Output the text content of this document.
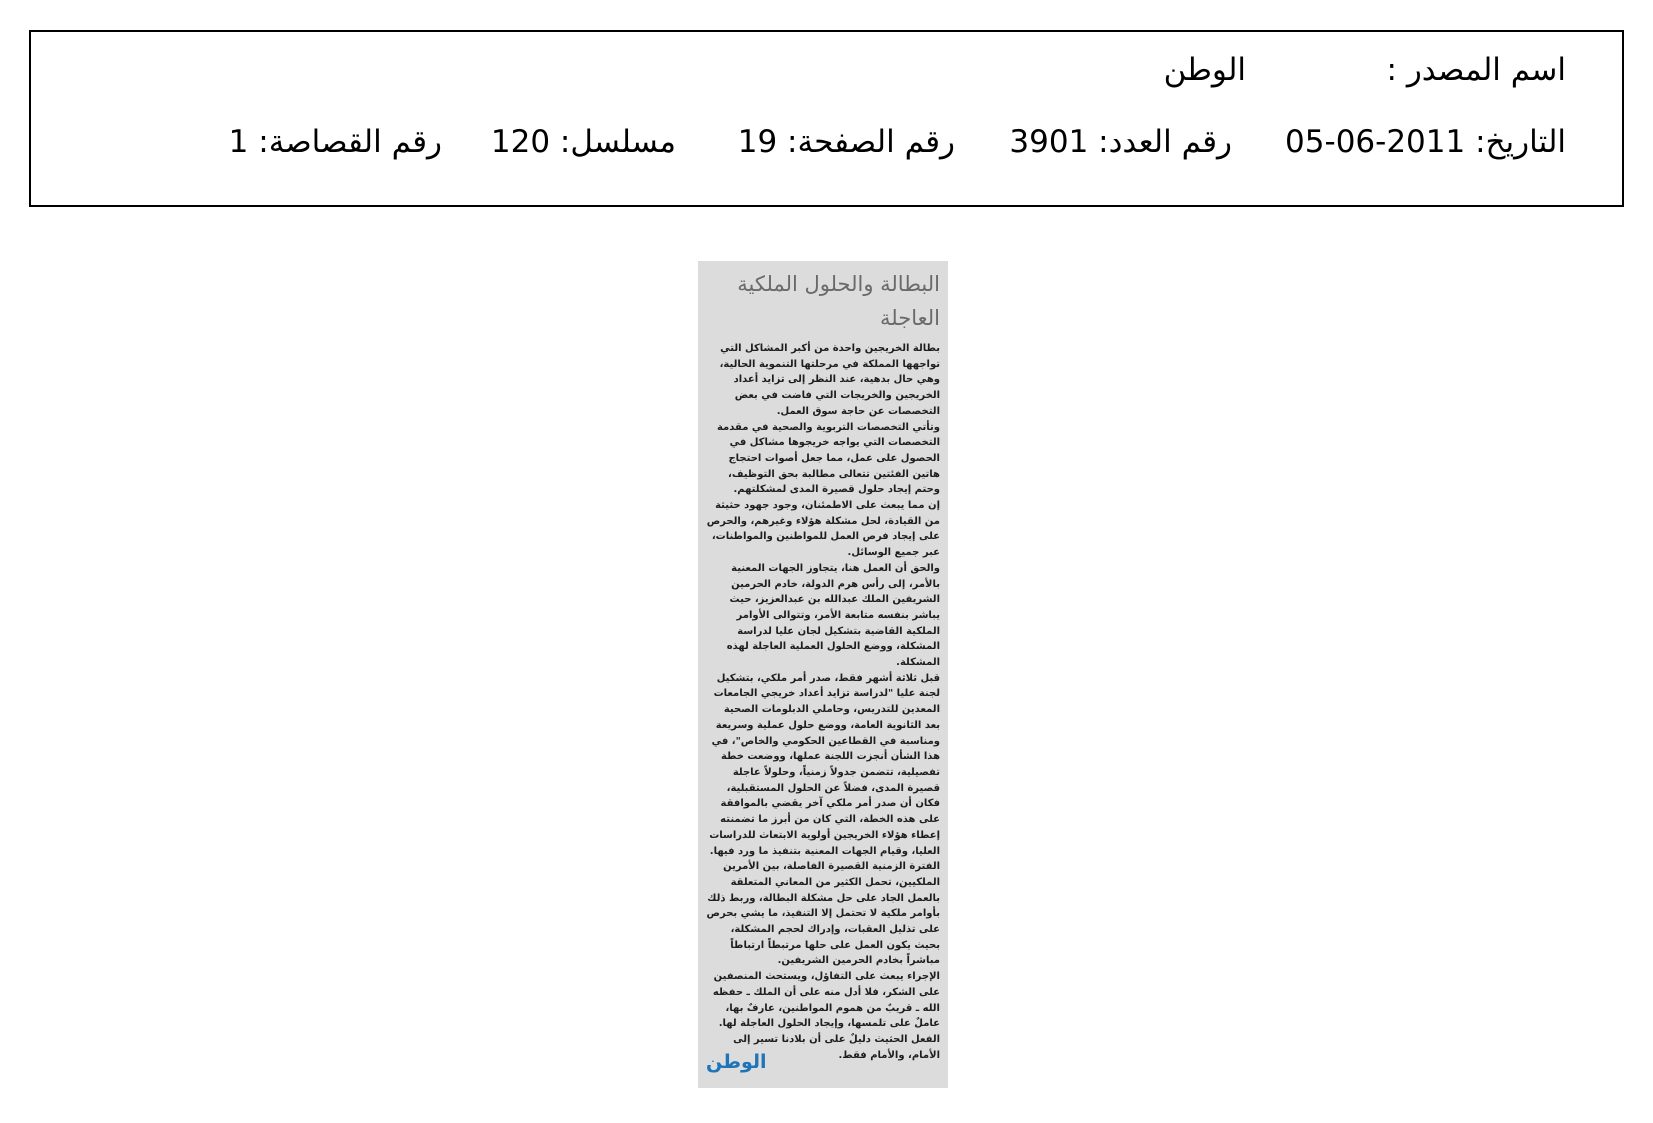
اسم المصدر :
الوطن
التاريخ: 2011-06-05
رقم العدد: 3901
رقم الصفحة: 19
مسلسل: 120
رقم القصاصة: 1
البطالة والحلول الملكية
العاجلة

بطالة الخريجين واحدة من أكبر المشاكل التي تواجهها المملكة في مرحلتها التنموية الحالية، وهي حال بدهية، عند النظر إلى تزايد أعداد الخريجين والخريجات التي فاضت في بعض التخصصات عن حاجة سوق العمل.

وتأتي التخصصات التربوية والصحية في مقدمة التخصصات التي يواجه خريجوها مشاكل في الحصول على عمل، مما جعل أصوات احتجاج هاتين الفئتين تتعالى مطالبة بحق التوظيف، وحتم إيجاد حلول قصيرة المدى لمشكلتهم.

إن مما يبعث على الاطمئنان، وجود جهود حثيثة من القيادة، لحل مشكلة هؤلاء وغيرهم، والحرص على إيجاد فرص العمل للمواطنين والمواطنات، عبر جميع الوسائل.

والحق أن العمل هنا، يتجاوز الجهات المعنية بالأمر، إلى رأس هرم الدولة، خادم الحرمين الشريفين الملك عبدالله بن عبدالعزيز، حيث يباشر بنفسه متابعة الأمر، وتتوالى الأوامر الملكية القاضية بتشكيل لجان عليا لدراسة المشكلة، ووضع الحلول العملية العاجلة لهذه المشكلة.

قبل ثلاثة أشهر فقط، صدر أمر ملكي، بتشكيل لجنة عليا "لدراسة تزايد أعداد خريجي الجامعات المعدين للتدريس، وحاملي الدبلومات الصحية بعد الثانوية العامة، ووضع حلول عملية وسريعة ومناسبة في القطاعين الحكومي والخاص"، في هذا الشأن أنجزت اللجنة عملها، ووضعت خطة تفصيلية، تتضمن جدولاً زمنياً، وحلولاً عاجلة قصيرة المدى، فضلاً عن الحلول المستقبلية، فكان أن صدر أمر ملكي آخر يقضي بالموافقة على هذه الخطة، التي كان من أبرز ما تضمنته إعطاء هؤلاء الخريجين أولوية الابتعاث للدراسات العليا، وقيام الجهات المعنية بتنفيذ ما ورد فيها.

الفترة الزمنية القصيرة الفاصلة، بين الأمرين الملكيين، تحمل الكثير من المعاني المتعلقة بالعمل الجاد على حل مشكلة البطالة، وربط ذلك بأوامر ملكية لا تحتمل إلا التنفيذ، ما يشي بحرص على تذليل العقبات، وإدراك لحجم المشكلة، بحيث يكون العمل على حلها مرتبطاً ارتباطاً مباشراً بخادم الحرمين الشريفين.

الإجراء يبعث على التفاؤل، ويستحث المنصفين على الشكر، فلا أدل منه على أن الملك ـ حفظه الله ـ قريبٌ من هموم المواطنين، عارفٌ بها، عاملٌ على تلمسها، وإيجاد الحلول العاجلة لها. الفعل الحثيث دليلٌ على أن بلادنا تسير إلى الأمام، والأمام فقط.

الوطن
